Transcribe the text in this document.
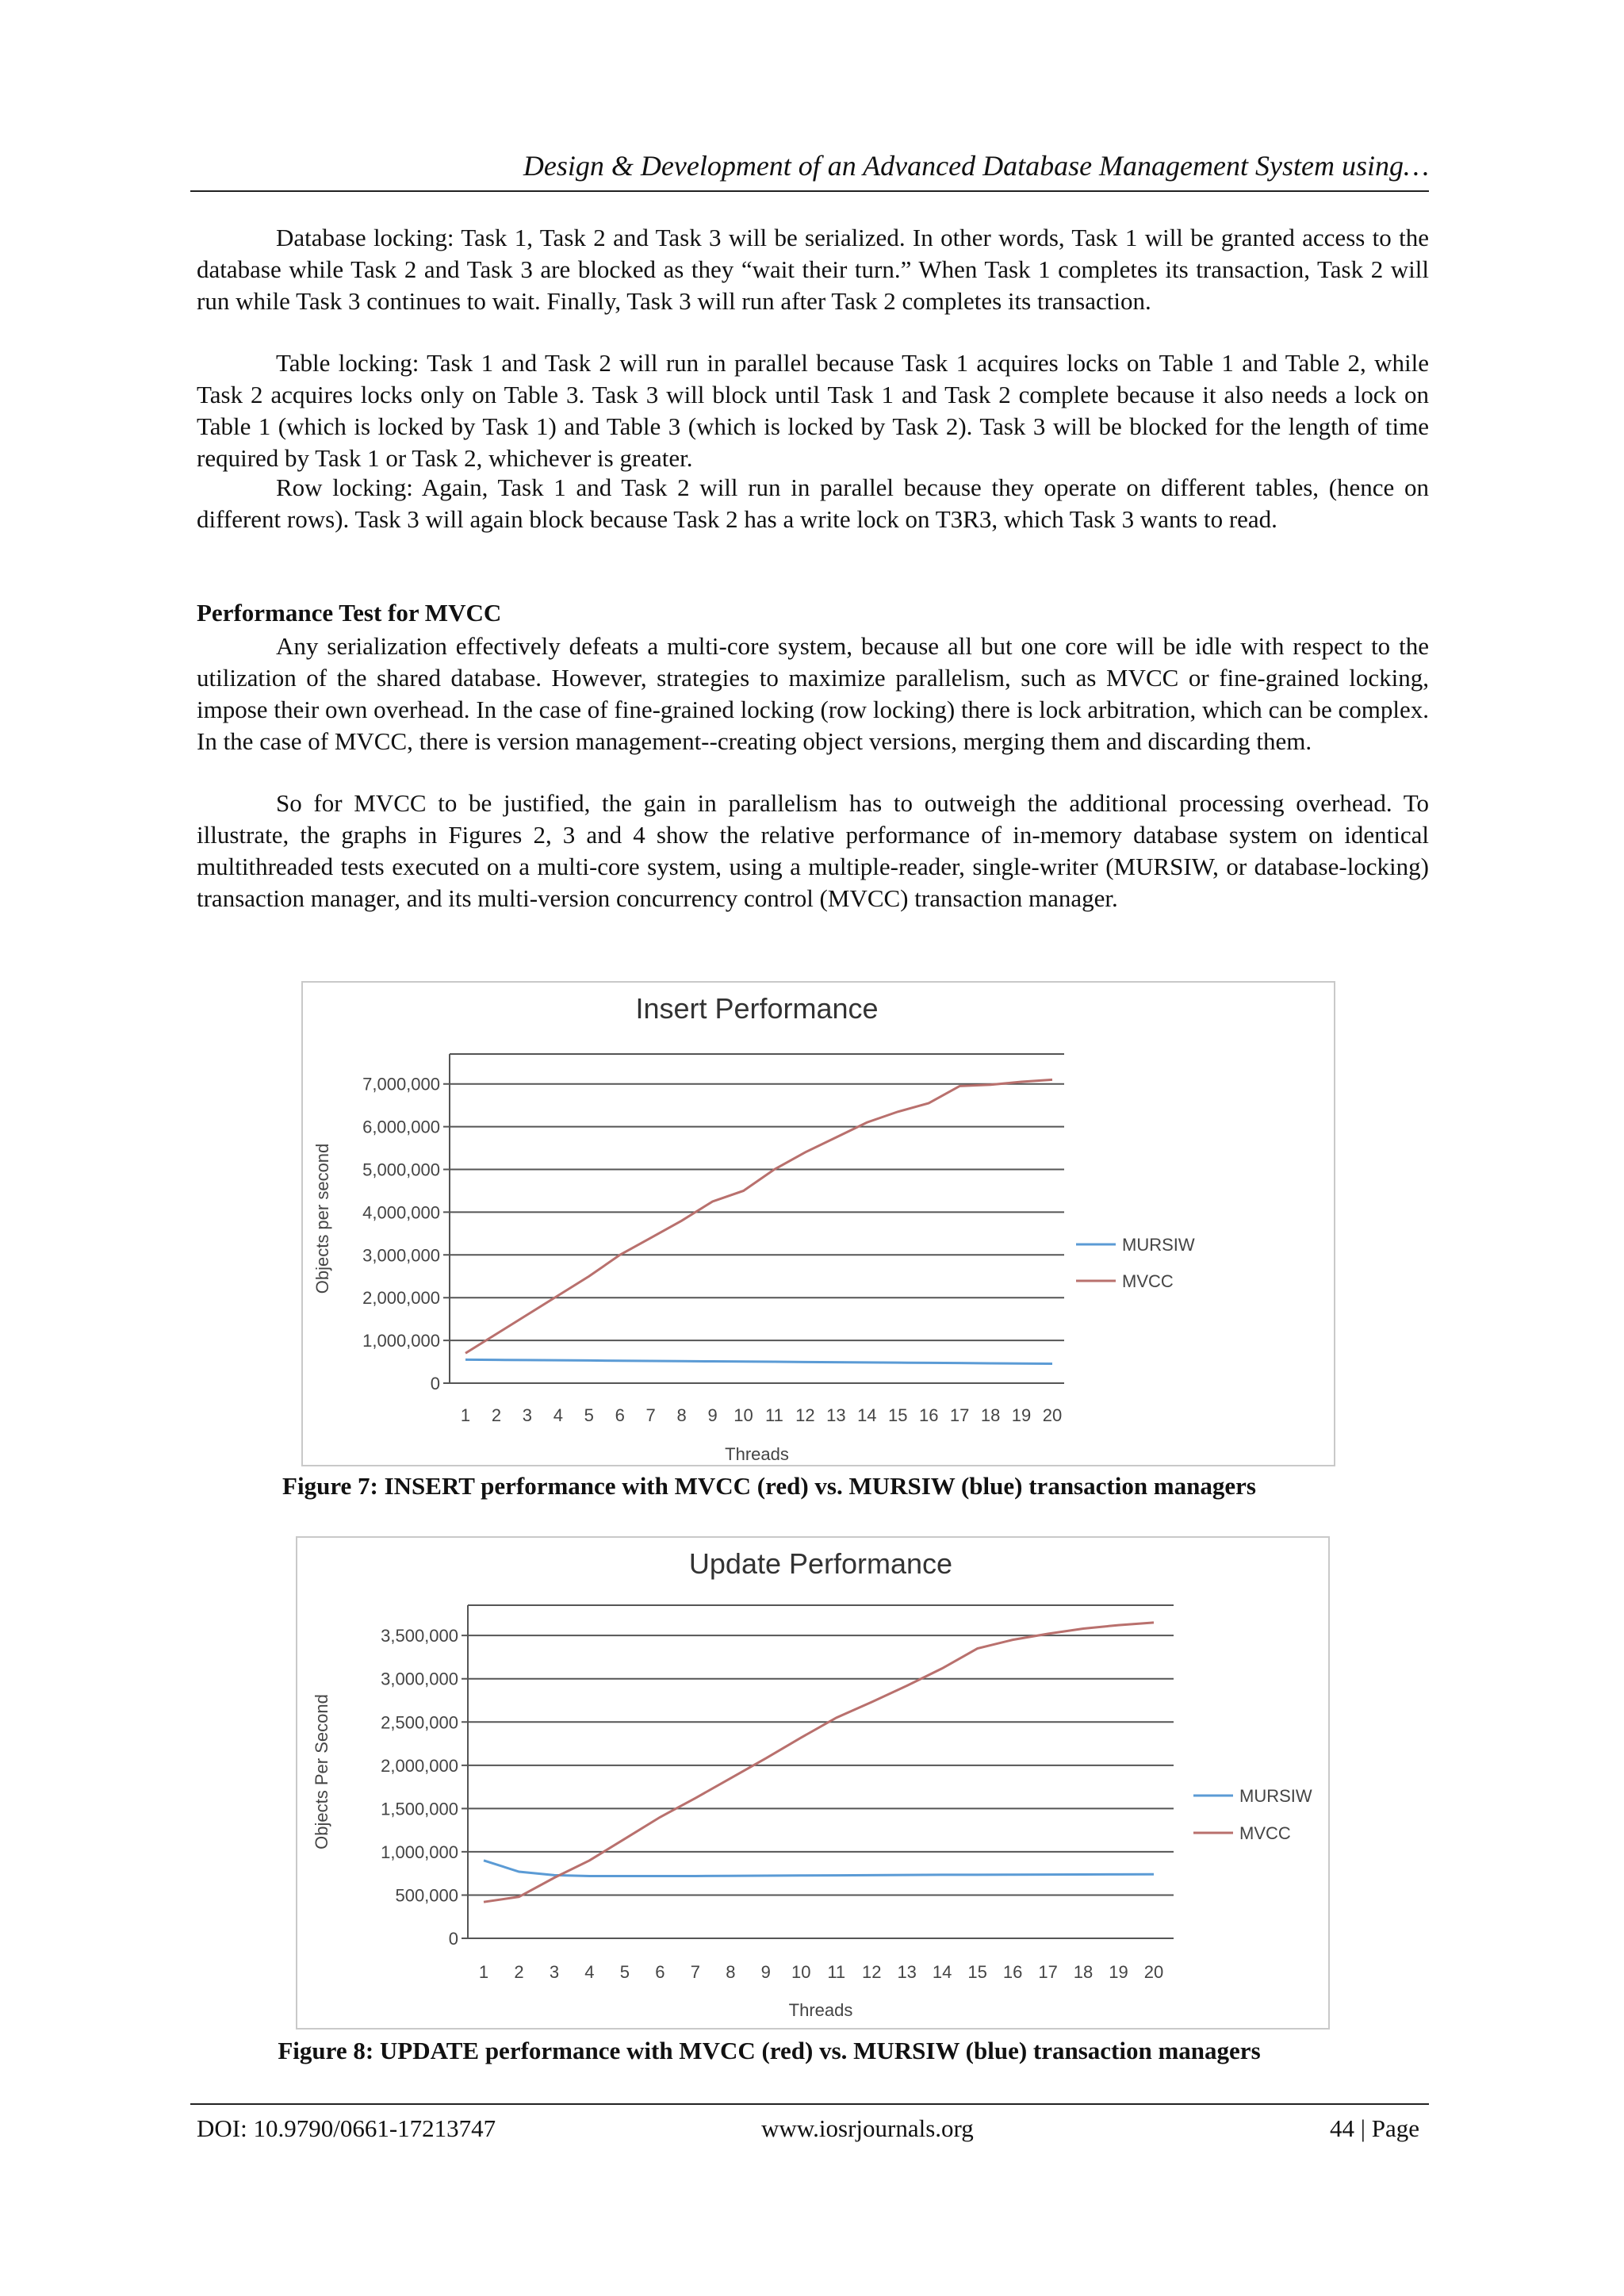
Design & Development of an Advanced Database Management System using…
Database locking: Task 1, Task 2 and Task 3 will be serialized. In other words, Task 1 will be granted access to the database while Task 2 and Task 3 are blocked as they “wait their turn.” When Task 1 completes its transaction, Task 2 will run while Task 3 continues to wait. Finally, Task 3 will run after Task 2 completes its transaction.
Table locking: Task 1 and Task 2 will run in parallel because Task 1 acquires locks on Table 1 and Table 2, while Task 2 acquires locks only on Table 3. Task 3 will block until Task 1 and Task 2 complete because it also needs a lock on Table 1 (which is locked by Task 1) and Table 3 (which is locked by Task 2). Task 3 will be blocked for the length of time required by Task 1 or Task 2, whichever is greater.
Row locking: Again, Task 1 and Task 2 will run in parallel because they operate on different tables, (hence on different rows). Task 3 will again block because Task 2 has a write lock on T3R3, which Task 3 wants to read.
Performance Test for MVCC
Any serialization effectively defeats a multi-core system, because all but one core will be idle with respect to the utilization of the shared database. However, strategies to maximize parallelism, such as MVCC or fine-grained locking, impose their own overhead. In the case of fine-grained locking (row locking) there is lock arbitration, which can be complex. In the case of MVCC, there is version management--creating object versions, merging them and discarding them.
So for MVCC to be justified, the gain in parallelism has to outweigh the additional processing overhead. To illustrate, the graphs in Figures 2, 3 and 4 show the relative performance of in-memory database system on identical multithreaded tests executed on a multi-core system, using a multiple-reader, single-writer (MURSIW, or database-locking) transaction manager, and its multi-version concurrency control (MVCC) transaction manager.
Insert Performance
0
1,000,000
2,000,000
3,000,000
4,000,000
5,000,000
6,000,000
7,000,000
1 2 3 4 5 6 7 8 9 10 11 12 13 14 15 16 17 18 19 20
Threads
Objects per second	MURSIW
MVCC
Figure 7: INSERT performance with MVCC (red) vs. MURSIW (blue) transaction managers
Update Performance
0
500,000
1,000,000
1,500,000
2,000,000
2,500,000
3,000,000
3,500,000
1 2 3 4 5 6 7 8 9 10 11 12 13 14 15 16 17 18 19 20
Threads
Objects Per Second	MURSIW
MVCC
Figure 8: UPDATE performance with MVCC (red) vs. MURSIW (blue) transaction managers
DOI: 10.9790/0661-17213747	www.iosrjournals.org	44 | Page
